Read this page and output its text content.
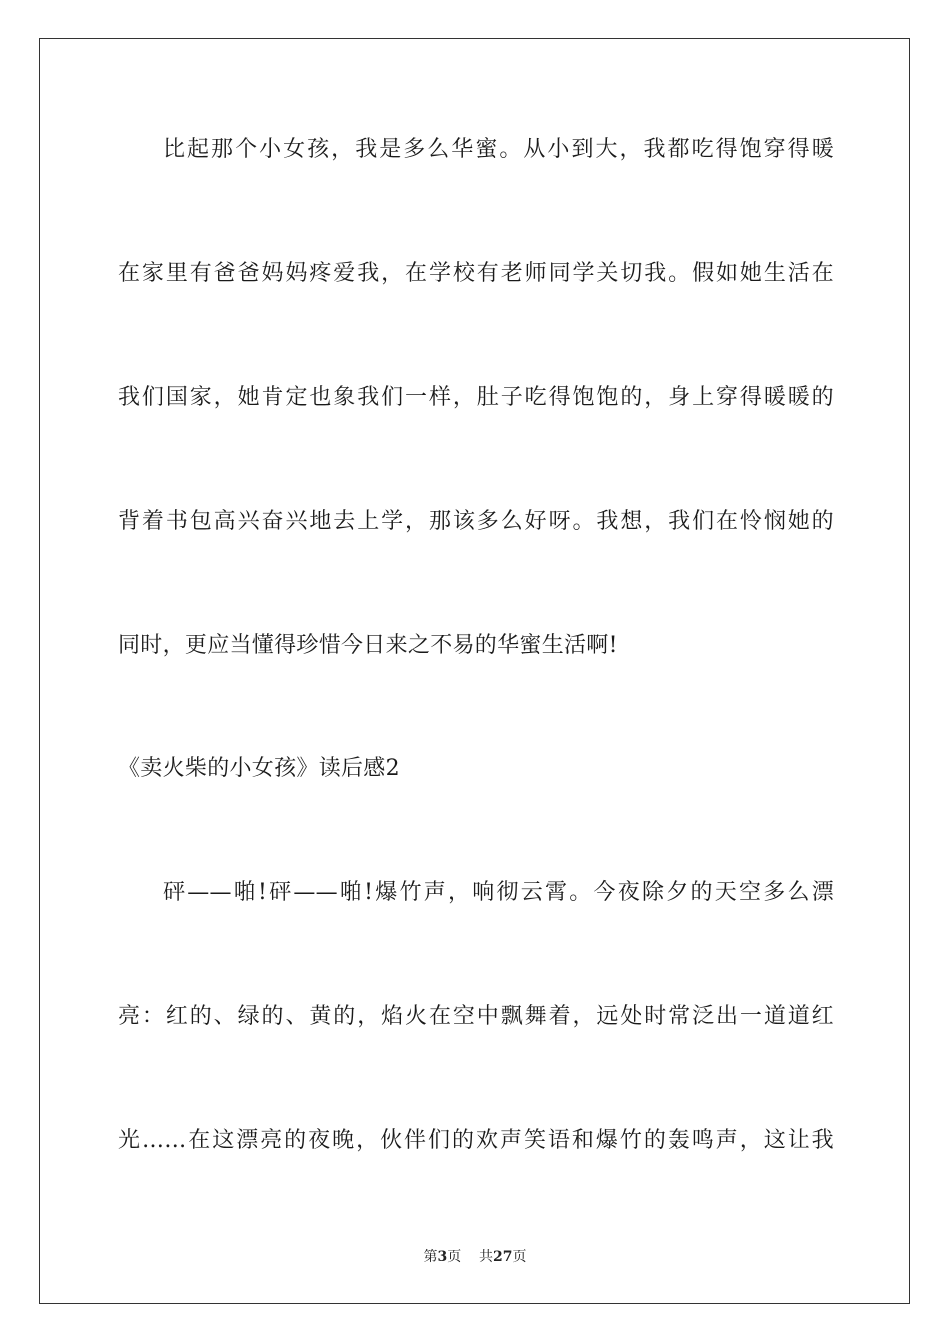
比起那个小女孩，我是多么华蜜。从小到大，我都吃得饱穿得暖
在家里有爸爸妈妈疼爱我，在学校有老师同学关切我。假如她生活在
我们国家，她肯定也象我们一样，肚子吃得饱饱的，身上穿得暖暖的
背着书包高兴奋兴地去上学，那该多么好呀。我想，我们在怜悯她的
同时，更应当懂得珍惜今日来之不易的华蜜生活啊!
《卖火柴的小女孩》读后感2
砰——啪!砰——啪!爆竹声，响彻云霄。今夜除夕的天空多么漂
亮：红的、绿的、黄的，焰火在空中飘舞着，远处时常泛出一道道红
光……在这漂亮的夜晚，伙伴们的欢声笑语和爆竹的轰鸣声，这让我
第3页 共27页
